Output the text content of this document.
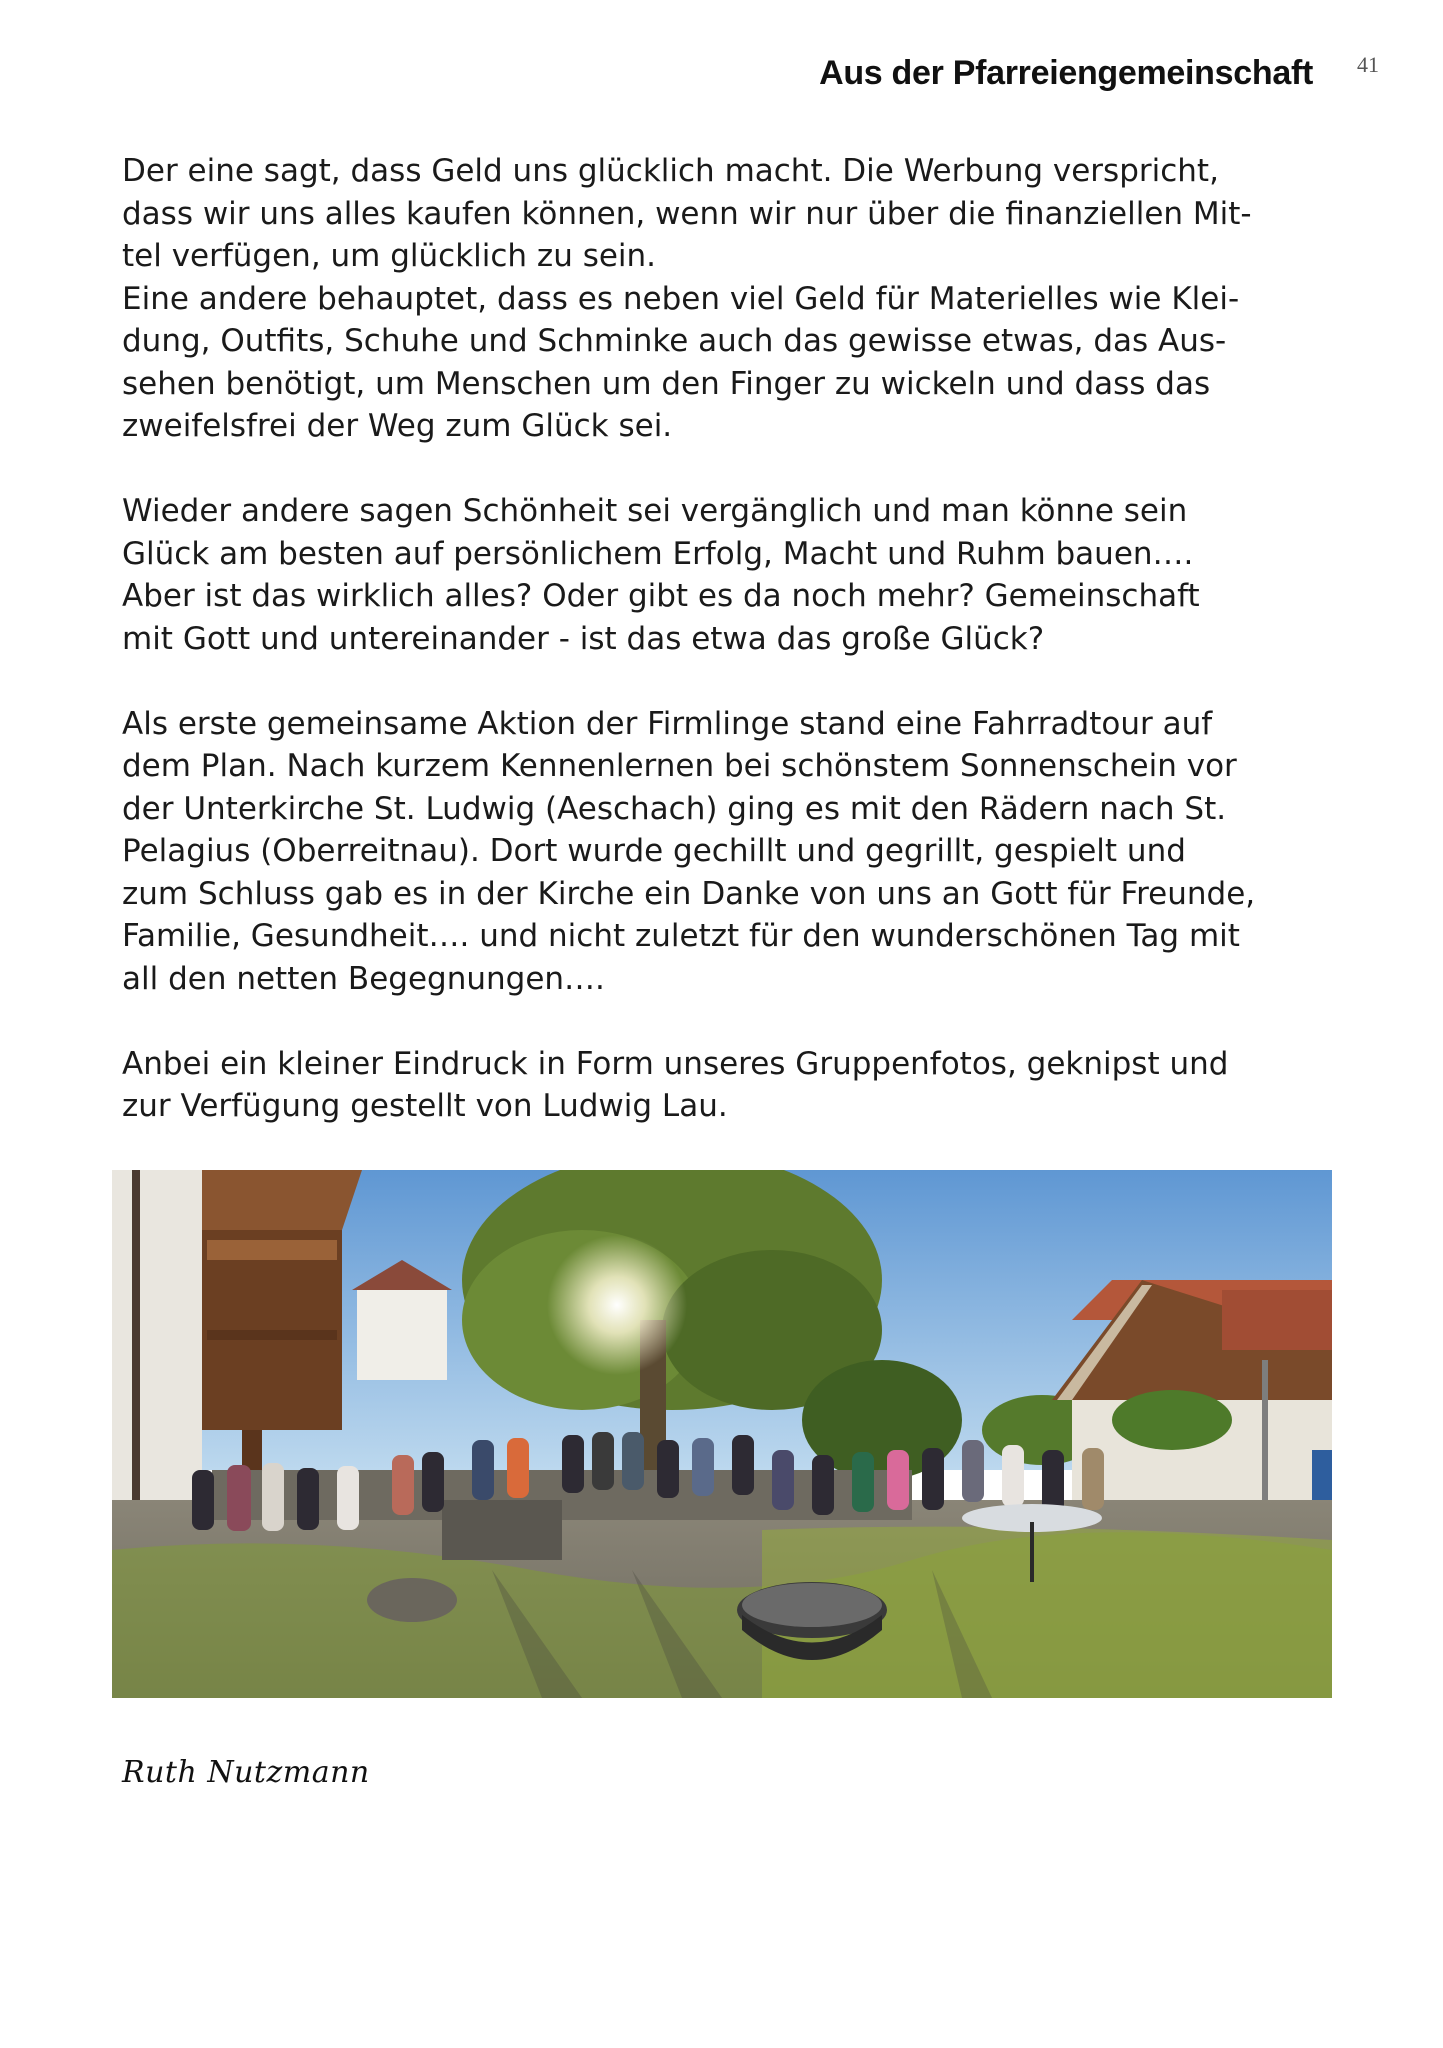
Aus der Pfarreiengemeinschaft 41

Der eine sagt, dass Geld uns glücklich macht. Die Werbung verspricht,
dass wir uns alles kaufen können, wenn wir nur über die finanziellen Mit-
tel verfügen, um glücklich zu sein.
Eine andere behauptet, dass es neben viel Geld für Materielles wie Klei-
dung, Outfits, Schuhe und Schminke auch das gewisse etwas, das Aus-
sehen benötigt, um Menschen um den Finger zu wickeln und dass das
zweifelsfrei der Weg zum Glück sei.

Wieder andere sagen Schönheit sei vergänglich und man könne sein
Glück am besten auf persönlichem Erfolg, Macht und Ruhm bauen….
Aber ist das wirklich alles? Oder gibt es da noch mehr? Gemeinschaft
mit Gott und untereinander - ist das etwa das große Glück?

Als erste gemeinsame Aktion der Firmlinge stand eine Fahrradtour auf
dem Plan. Nach kurzem Kennenlernen bei schönstem Sonnenschein vor
der Unterkirche St. Ludwig (Aeschach) ging es mit den Rädern nach St.
Pelagius (Oberreitnau). Dort wurde gechillt und gegrillt, gespielt und
zum Schluss gab es in der Kirche ein Danke von uns an Gott für Freunde,
Familie, Gesundheit…. und nicht zuletzt für den wunderschönen Tag mit
all den netten Begegnungen….

Anbei ein kleiner Eindruck in Form unseres Gruppenfotos, geknipst und
zur Verfügung gestellt von Ludwig Lau.

Ruth Nutzmann
